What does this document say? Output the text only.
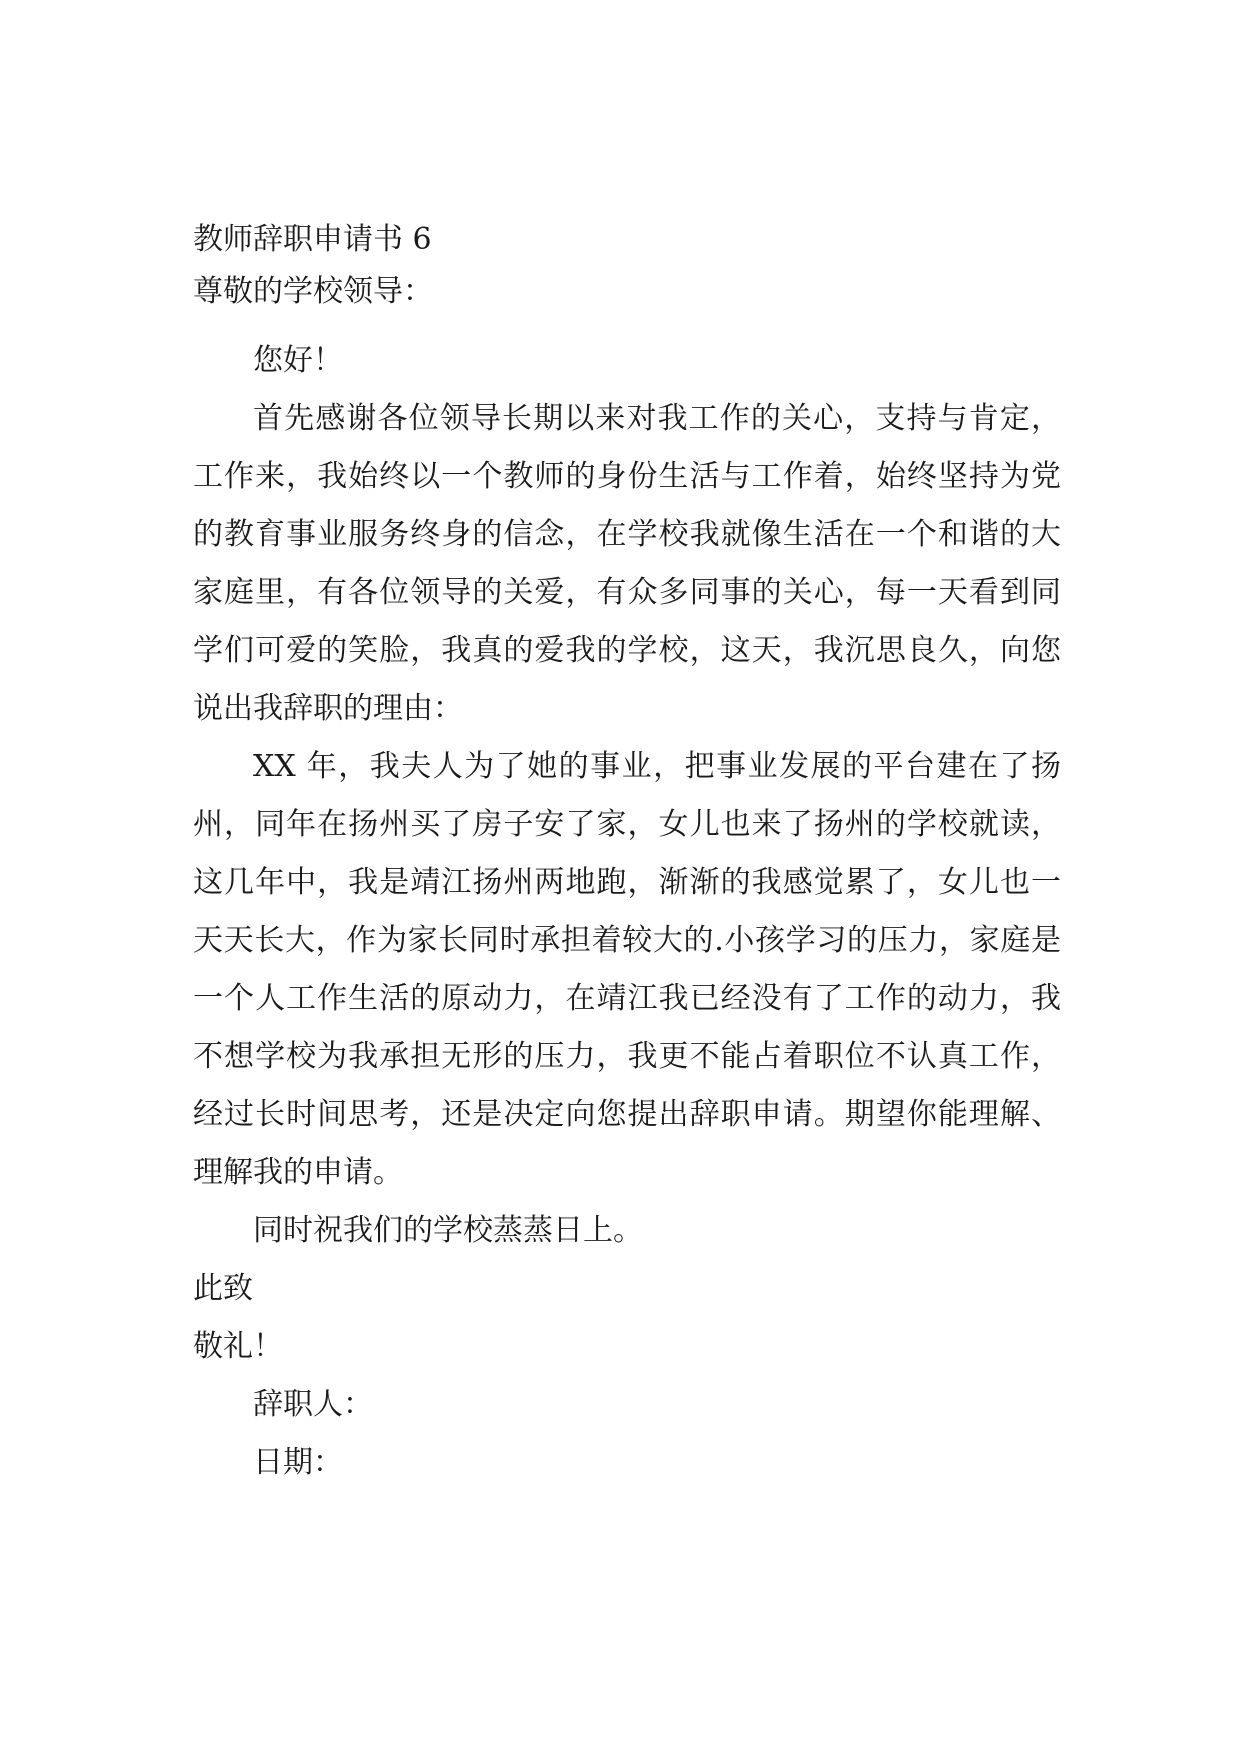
教师辞职申请书 6
尊敬的学校领导：
您好！
首先感谢各位领导长期以来对我工作的关心，支持与肯定，工作来，我始终以一个教师的身份生活与工作着，始终坚持为党的教育事业服务终身的信念，在学校我就像生活在一个和谐的大家庭里，有各位领导的关爱，有众多同事的关心，每一天看到同学们可爱的笑脸，我真的爱我的学校，这天，我沉思良久，向您说出我辞职的理由：
XX 年，我夫人为了她的事业，把事业发展的平台建在了扬州，同年在扬州买了房子安了家，女儿也来了扬州的学校就读，这几年中，我是靖江扬州两地跑，渐渐的我感觉累了，女儿也一天天长大，作为家长同时承担着较大的.小孩学习的压力，家庭是一个人工作生活的原动力，在靖江我已经没有了工作的动力，我不想学校为我承担无形的压力，我更不能占着职位不认真工作，经过长时间思考，还是决定向您提出辞职申请。期望你能理解、理解我的申请。
同时祝我们的学校蒸蒸日上。
此致
敬礼！
辞职人：
日期：
